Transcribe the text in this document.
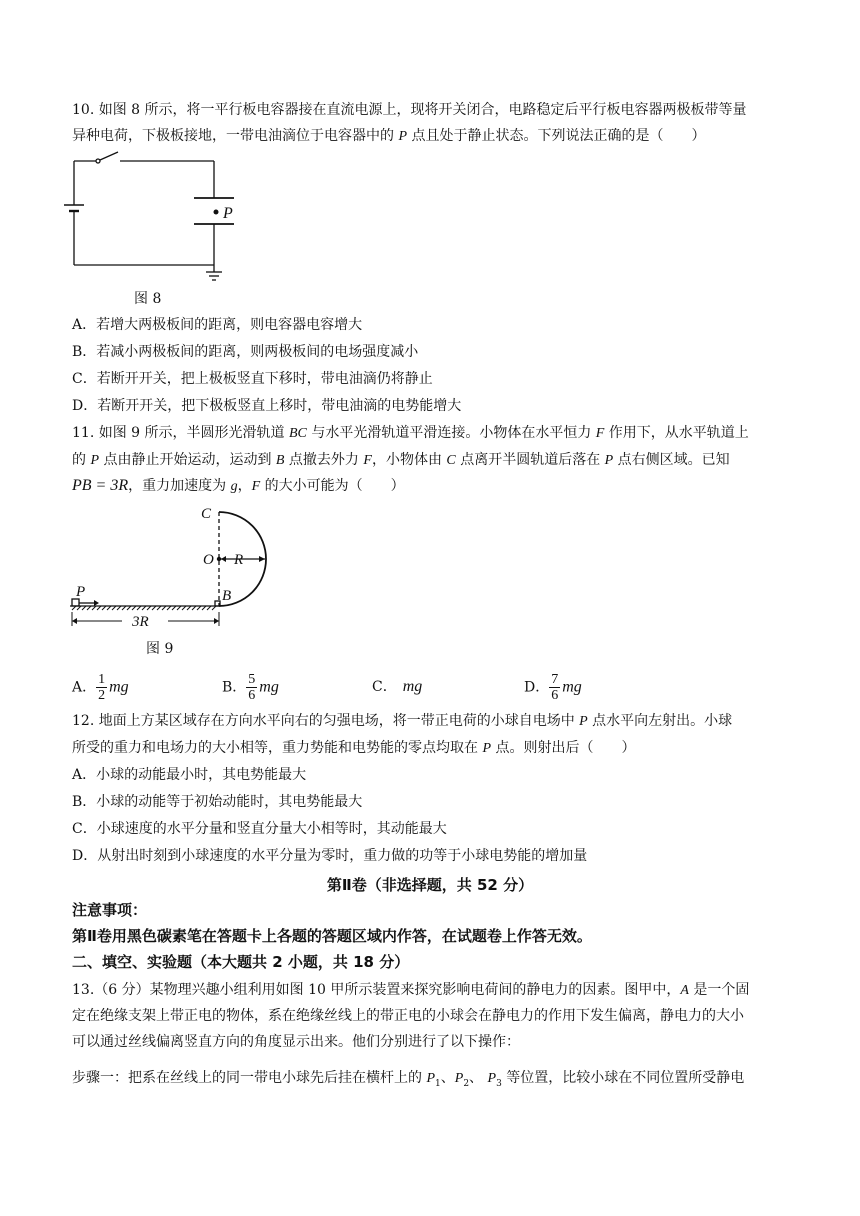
10. 如图 8 所示，将一平行板电容器接在直流电源上，现将开关闭合，电路稳定后平行板电容器两极板带等量
异种电荷，下极板接地，一带电油滴位于电容器中的 P 点且处于静止状态。下列说法正确的是（　　）
P
图 8
A．若增大两极板间的距离，则电容器电容增大
B．若减小两极板间的距离，则两极板间的电场强度减小
C．若断开开关，把上极板竖直下移时，带电油滴仍将静止
D．若断开开关，把下极板竖直上移时，带电油滴的电势能增大
11. 如图 9 所示，半圆形光滑轨道 BC 与水平光滑轨道平滑连接。小物体在水平恒力 F 作用下，从水平轨道上
的 P 点由静止开始运动，运动到 B 点撤去外力 F，小物体由 C 点离开半圆轨道后落在 P 点右侧区域。已知
PB = 3R，重力加速度为 g，F 的大小可能为（　　）
C
O R
B
P
3R
图 9
A． $\frac{1}{2}$ mg	B． $\frac{5}{6}$ mg	C． mg	D． $\frac{7}{6}$ mg
12. 地面上方某区域存在方向水平向右的匀强电场，将一带正电荷的小球自电场中 P 点水平向左射出。小球
所受的重力和电场力的大小相等，重力势能和电势能的零点均取在 P 点。则射出后（　　）
A．小球的动能最小时，其电势能最大
B．小球的动能等于初始动能时，其电势能最大
C．小球速度的水平分量和竖直分量大小相等时，其动能最大
D．从射出时刻到小球速度的水平分量为零时，重力做的功等于小球电势能的增加量
第Ⅱ卷（非选择题，共 52 分）
注意事项：
第Ⅱ卷用黑色碳素笔在答题卡上各题的答题区域内作答，在试题卷上作答无效。
二、填空、实验题（本大题共 2 小题，共 18 分）
13.（6 分）某物理兴趣小组利用如图 10 甲所示装置来探究影响电荷间的静电力的因素。图甲中，A 是一个固
定在绝缘支架上带正电的物体，系在绝缘丝线上的带正电的小球会在静电力的作用下发生偏离，静电力的大小
可以通过丝线偏离竖直方向的角度显示出来。他们分别进行了以下操作：
步骤一：把系在丝线上的同一带电小球先后挂在横杆上的 $P_1$、$P_2$、 $P_3$ 等位置，比较小球在不同位置所受静电
